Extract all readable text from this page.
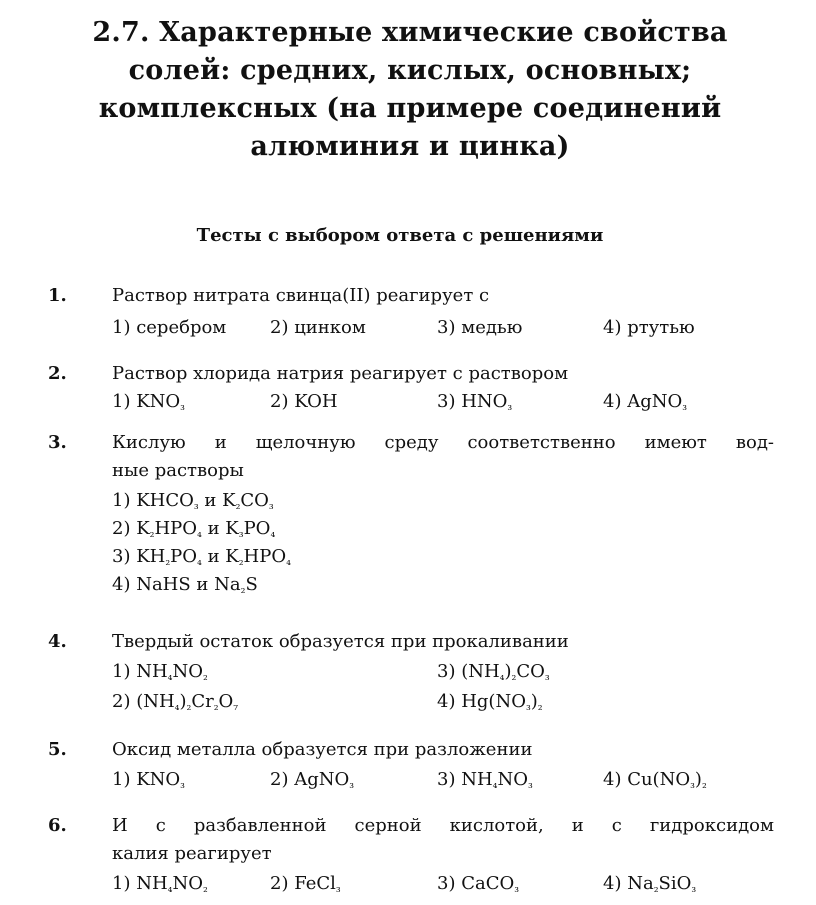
2.7. Характерные химические свойства
солей: средних, кислых, основных;
комплексных (на примере соединений
алюминия и цинка)
Тесты с выбором ответа с решениями
1.	Раствор нитрата свинца(II) реагирует с
1) серебром 2) цинком	3) медью	4) ртутью
2.	Раствор хлорида натрия реагирует с раствором
1) $KNO_{_3}$	2) KOH	3) $HNO_{_3}$	4) AgNO$_{_3}$
3.	Кислую и щелочную среду соответственно имеют вод-
ные растворы
1) $KHCO_{_3}$ и $K_{_2}CO_{_3}$
2) $K_{_2}HPO_{_4}$ и $K_{_3}PO_{_4}$
3) $KH_{_2}PO_{_4}$ и $K_{_2}HPO_{_4}$
4) NaHS и $Na_{_2}S$
4.	Твердый остаток образуется при прокаливании
1) $NH_{_4}NO_{_2}$	3) $(NH_{_4})_{_2}CO_{_3}$
2) $(NH_{_4})_{_2}Cr_{_2}O_{_7}$	4) $Hg(NO_{_3})_{_2}$
5.	Оксид металла образуется при разложении
1) $KNO_{_3}$	2) AgNO$_{_3}$	3) $NH_{_4}NO_{_3}$	4) $Cu(NO_{_3})_{_2}$
6.	И с разбавленной серной кислотой, и с гидроксидом
калия реагирует
1) $NH_{_4}NO_{_2}$	2) FeCl$_{_3}$	3) CaCO$_{_3}$	4) $Na_{_2}SiO_{_3}$
